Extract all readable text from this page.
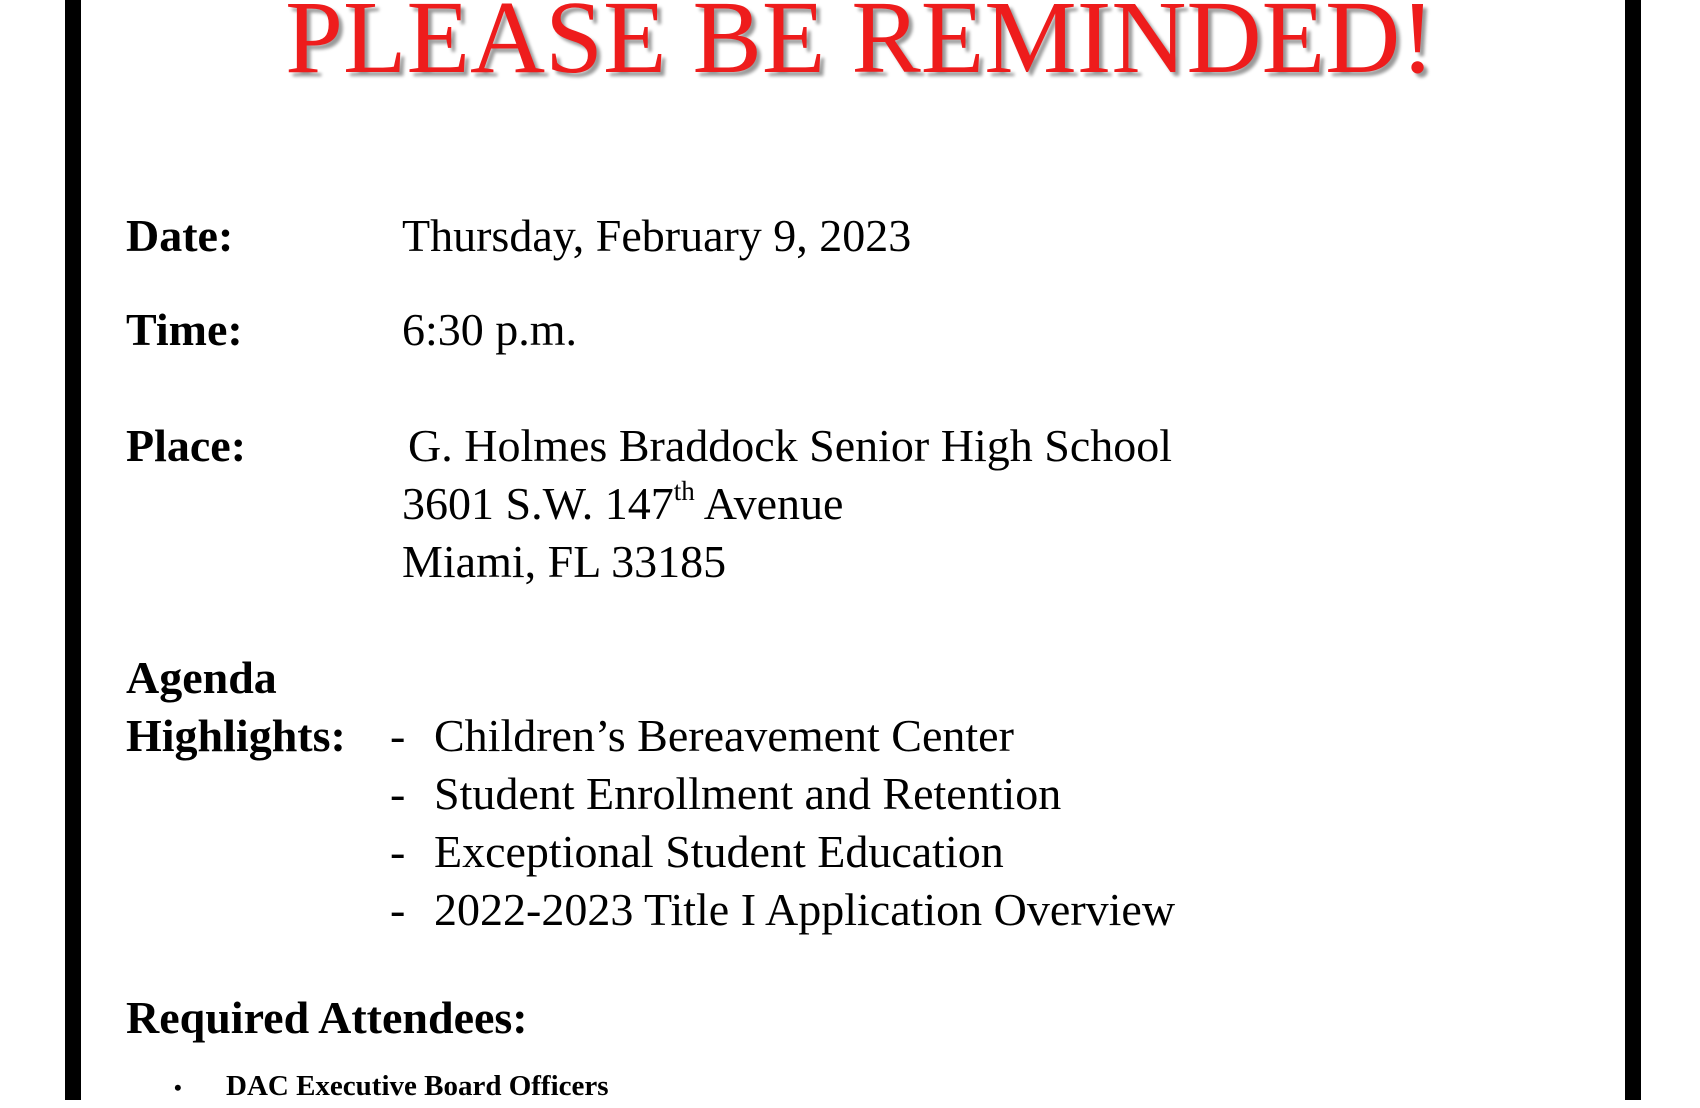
PLEASE BE REMINDED!
Date:	Thursday, February 9, 2023
Time:	6:30 p.m.
Place:	G. Holmes Braddock Senior High School
3601 S.W. 147th Avenue
Miami, FL 33185
Agenda
Highlights: - Children’s Bereavement Center
- Student Enrollment and Retention
- Exceptional Student Education
- 2022-2023 Title I Application Overview
Required Attendees:
• DAC Executive Board Officers
